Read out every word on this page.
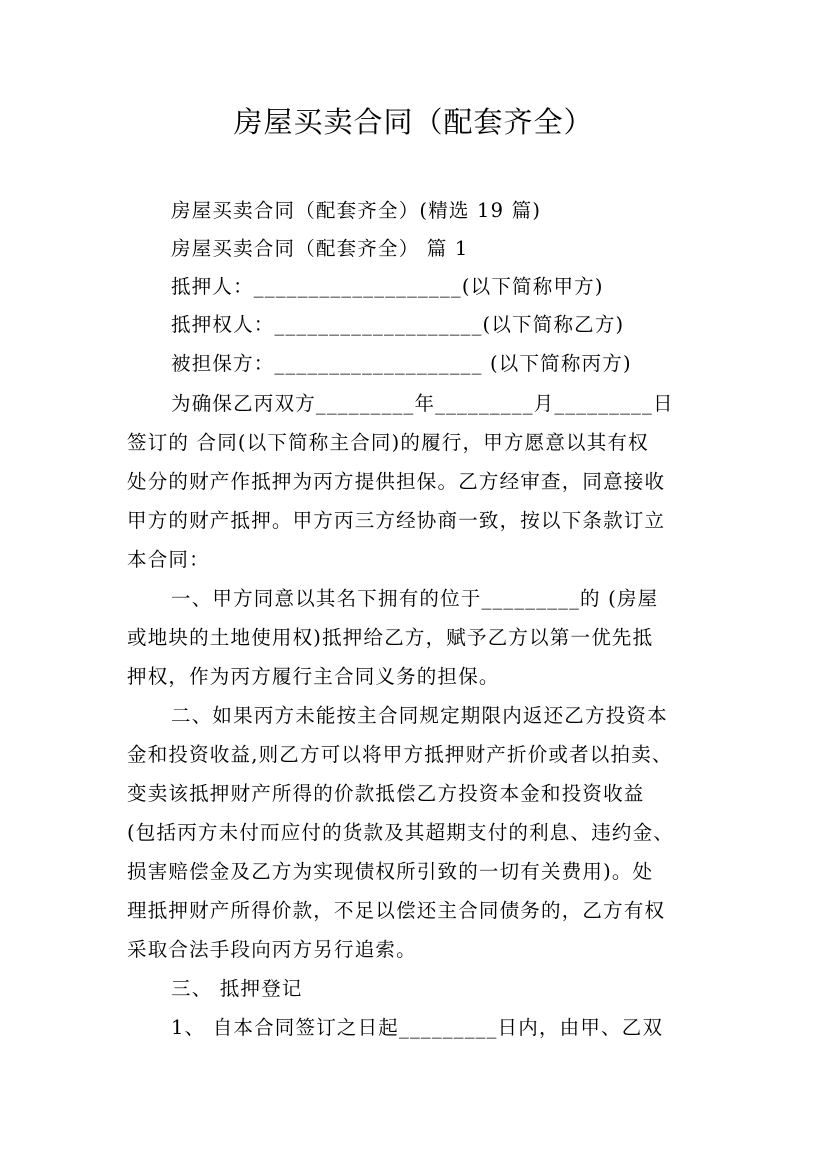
房屋买卖合同（配套齐全）
房屋买卖合同（配套齐全）(精选 19 篇)
房屋买卖合同（配套齐全） 篇 1
抵押人：___________________(以下简称甲方)
抵押权人：___________________(以下简称乙方)
被担保方：___________________ (以下简称丙方)
为确保乙丙双方_________年_________月_________日
签订的 合同(以下简称主合同)的履行，甲方愿意以其有权
处分的财产作抵押为丙方提供担保。乙方经审查，同意接收
甲方的财产抵押。甲方丙三方经协商一致，按以下条款订立
本合同：
一、甲方同意以其名下拥有的位于_________的 (房屋
或地块的土地使用权)抵押给乙方，赋予乙方以第一优先抵
押权，作为丙方履行主合同义务的担保。
二、如果丙方未能按主合同规定期限内返还乙方投资本
金和投资收益,则乙方可以将甲方抵押财产折价或者以拍卖、
变卖该抵押财产所得的价款抵偿乙方投资本金和投资收益
(包括丙方未付而应付的货款及其超期支付的利息、违约金、
损害赔偿金及乙方为实现债权所引致的一切有关费用)。处
理抵押财产所得价款，不足以偿还主合同债务的，乙方有权
采取合法手段向丙方另行追索。
三、 抵押登记
1、 自本合同签订之日起_________日内，由甲、乙双
